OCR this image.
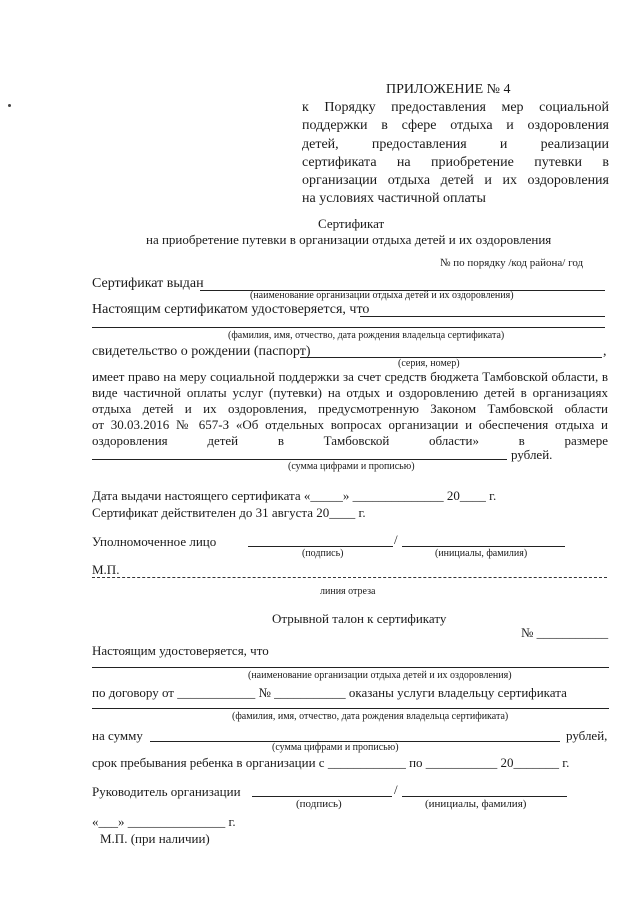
ПРИЛОЖЕНИЕ № 4
к Порядку предоставления мер социальной
поддержки в сфере отдыха и оздоровления
детей, предоставления и реализации
сертификата на приобретение путевки в
организации отдыха детей и их оздоровления
на условиях частичной оплаты
Сертификат
на приобретение путевки в организации отдыха детей и их оздоровления
№ по порядку /код района/ год
Сертификат выдан
(наименование организации отдыха детей и их оздоровления)
Настоящим сертификатом удостоверяется, что
(фамилия, имя, отчество, дата рождения владельца сертификата)
свидетельство о рождении (паспорт)	,
(серия, номер)
имеет право на меру социальной поддержки за счет средств бюджета Тамбовской области, в
виде частичной оплаты услуг (путевки) на отдых и оздоровлению детей в организациях
отдыха детей и их оздоровления, предусмотренную Законом Тамбовской области
от 30.03.2016 № 657-З «Об отдельных вопросах организации и обеспечения отдыха и
оздоровления детей в Тамбовской области» в размере
рублей.
(сумма цифрами и прописью)
Дата выдачи настоящего сертификата «_____» ______________ 20____ г.
Сертификат действителен до 31 августа 20____ г.
Уполномоченное лицо	/
(подпись)	(инициалы, фамилия)
М.П.
линия отреза
Отрывной талон к сертификату
№ ___________
Настоящим удостоверяется, что
(наименование организации отдыха детей и их оздоровления)
по договору от ____________ № ___________ оказаны услуги владельцу сертификата
(фамилия, имя, отчество, дата рождения владельца сертификата)
на сумму	рублей,
(сумма цифрами и прописью)
срок пребывания ребенка в организации с ____________ по ___________ 20_______ г.
Руководитель организации	/
(подпись)	(инициалы, фамилия)
«___» _______________ г.
М.П. (при наличии)
